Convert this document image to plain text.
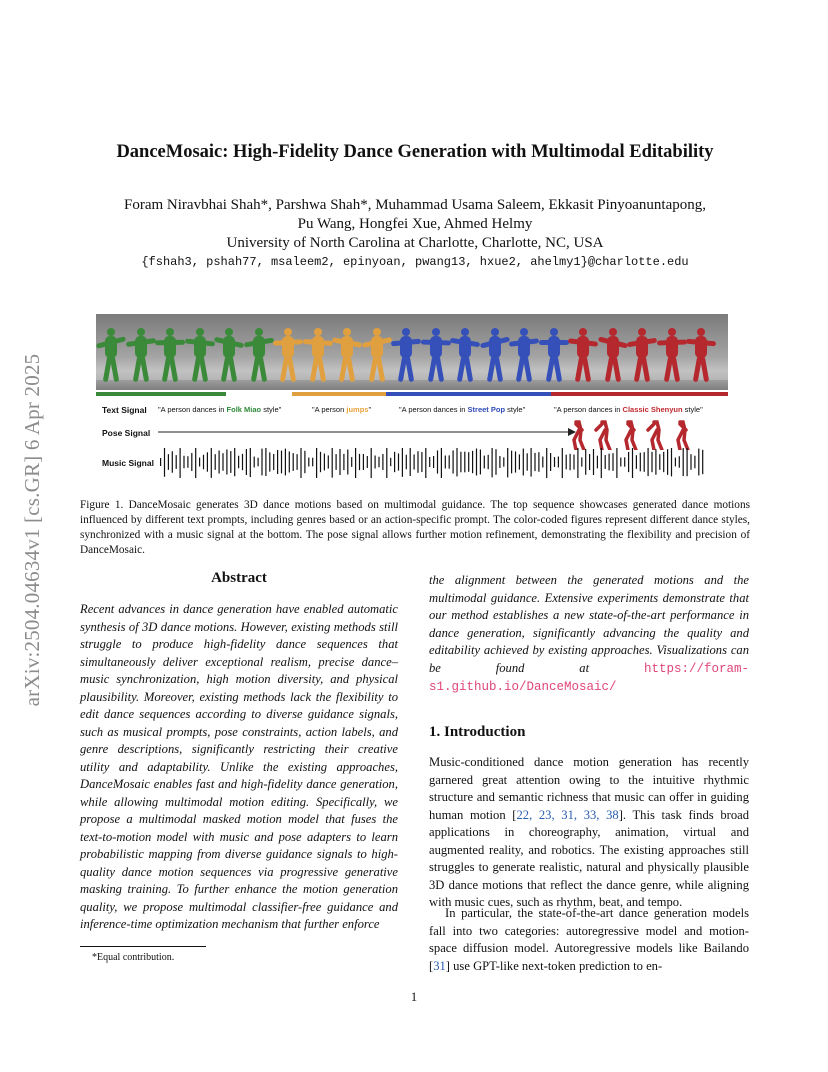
arXiv:2504.04634v1 [cs.GR] 6 Apr 2025
DanceMosaic: High-Fidelity Dance Generation with Multimodal Editability
Foram Niravbhai Shah*, Parshwa Shah*, Muhammad Usama Saleem, Ekkasit Pinyoanuntapong,
Pu Wang, Hongfei Xue, Ahmed Helmy
University of North Carolina at Charlotte, Charlotte, NC, USA
{fshah3, pshah77, msaleem2, epinyoan, pwang13, hxue2, ahelmy1}@charlotte.edu
Text Signal "A person dances in Folk Miao style"	"A person jumps"	"A person dances in Street Pop style"	"A person dances in Classic Shenyun style"
Pose Signal
Music Signal
Figure 1. DanceMosaic generates 3D dance motions based on multimodal guidance. The top sequence showcases generated dance motions influenced by different text prompts, including genres based or an action-specific prompt. The color-coded figures represent different dance styles, synchronized with a music signal at the bottom. The pose signal allows further motion refinement, demonstrating the flexibility and precision of DanceMosaic.
Abstract
Recent advances in dance generation have enabled automatic synthesis of 3D dance motions. However, existing methods still struggle to produce high-fidelity dance sequences that simultaneously deliver exceptional realism, precise dance–music synchronization, high motion diversity, and physical plausibility. Moreover, existing methods lack the flexibility to edit dance sequences according to diverse guidance signals, such as musical prompts, pose constraints, action labels, and genre descriptions, significantly restricting their creative utility and adaptability. Unlike the existing approaches, DanceMosaic enables fast and high-fidelity dance generation, while allowing multimodal motion editing. Specifically, we propose a multimodal masked motion model that fuses the text-to-motion model with music and pose adapters to learn probabilistic mapping from diverse guidance signals to high-quality dance motion sequences via progressive generative masking training. To further enhance the motion generation quality, we propose multimodal classifier-free guidance and inference-time optimization mechanism that further enforce
the alignment between the generated motions and the multimodal guidance. Extensive experiments demonstrate that our method establishes a new state-of-the-art performance in dance generation, significantly advancing the quality and editability achieved by existing approaches. Visualizations can be found at https://foram-s1.github.io/DanceMosaic/
1. Introduction
Music-conditioned dance motion generation has recently garnered great attention owing to the intuitive rhythmic structure and semantic richness that music can offer in guiding human motion [22, 23, 31, 33, 38]. This task finds broad applications in choreography, animation, virtual and augmented reality, and robotics. The existing approaches still struggles to generate realistic, natural and physically plausible 3D dance motions that reflect the dance genre, while aligning with music cues, such as rhythm, beat, and tempo.
In particular, the state-of-the-art dance generation models fall into two categories: autoregressive model and motion-space diffusion model. Autoregressive models like Bailando [31] use GPT-like next-token prediction to en-
*Equal contribution.
1
